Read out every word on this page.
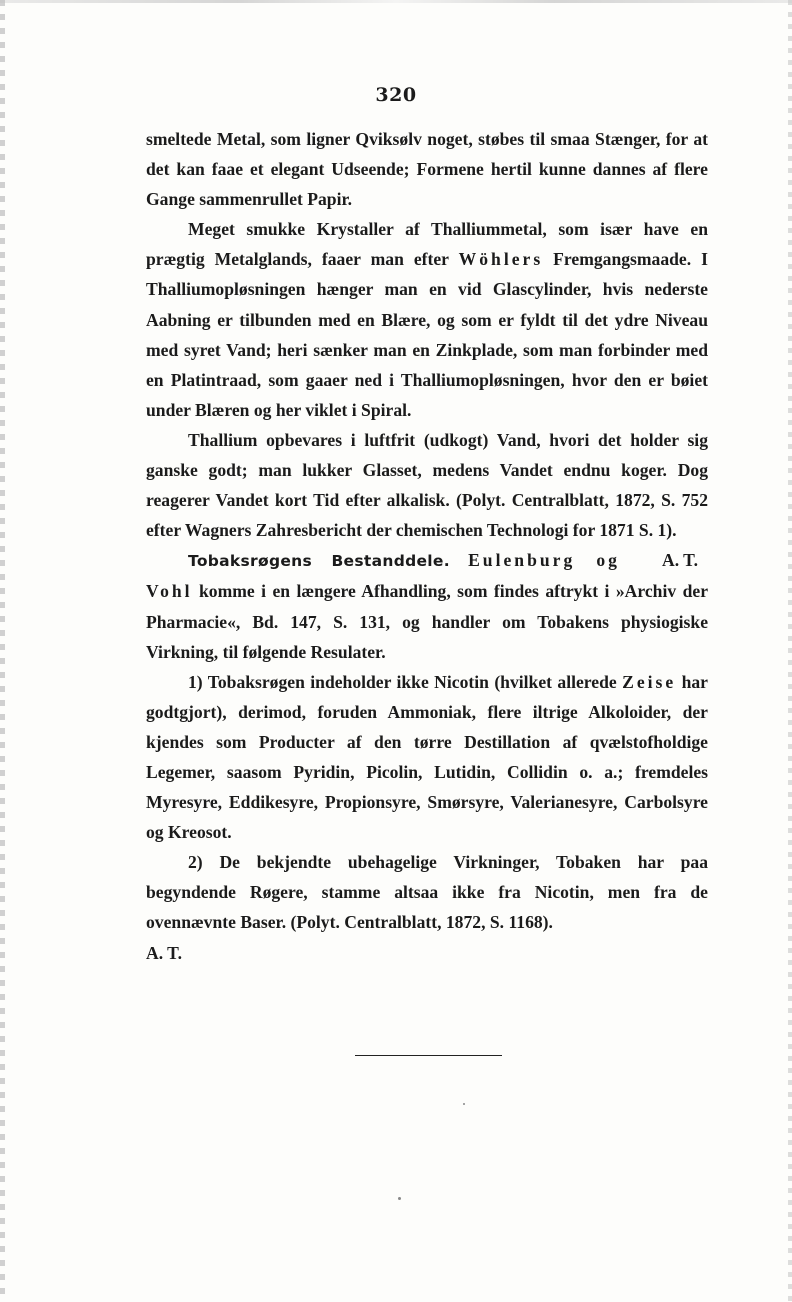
320

smeltede Metal, som ligner Qviksølv noget, støbes til smaa Stænger, for at det kan faae et elegant Udseende; Formene hertil kunne dannes af flere Gange sammenrullet Papir.

Meget smukke Krystaller af Thalliummetal, som især have en prægtig Metalglands, faaer man efter Wöhlers Fremgangsmaade. I Thalliumopløsningen hænger man en vid Glascylinder, hvis nederste Aabning er tilbunden med en Blære, og som er fyldt til det ydre Niveau med syret Vand; heri sænker man en Zinkplade, som man forbinder med en Platintraad, som gaaer ned i Thalliumopløsningen, hvor den er bøiet under Blæren og her viklet i Spiral.

Thallium opbevares i luftfrit (udkogt) Vand, hvori det holder sig ganske godt; man lukker Glasset, medens Vandet endnu koger. Dog reagerer Vandet kort Tid efter alkalisk. (Polyt. Centralblatt, 1872, S. 752 efter Wagners Zahresbericht der chemischen Technologi for 1871 S. 1).
A. T.

Tobaksrøgens Bestanddele. Eulenburg og Vohl komme i en længere Afhandling, som findes aftrykt i »Archiv der Pharmacie«, Bd. 147, S. 131, og handler om Tobakens physiogiske Virkning, til følgende Resulater.

1) Tobaksrøgen indeholder ikke Nicotin (hvilket allerede Zeise har godtgjort), derimod, foruden Ammoniak, flere iltrige Alkoloider, der kjendes som Producter af den tørre Destillation af qvælstofholdige Legemer, saasom Pyridin, Picolin, Lutidin, Collidin o. a.; fremdeles Myresyre, Eddikesyre, Propionsyre, Smørsyre, Valerianesyre, Carbolsyre og Kreosot.

2) De bekjendte ubehagelige Virkninger, Tobaken har paa begyndende Røgere, stamme altsaa ikke fra Nicotin, men fra de ovennævnte Baser. (Polyt. Centralblatt, 1872, S. 1168).

A. T.
